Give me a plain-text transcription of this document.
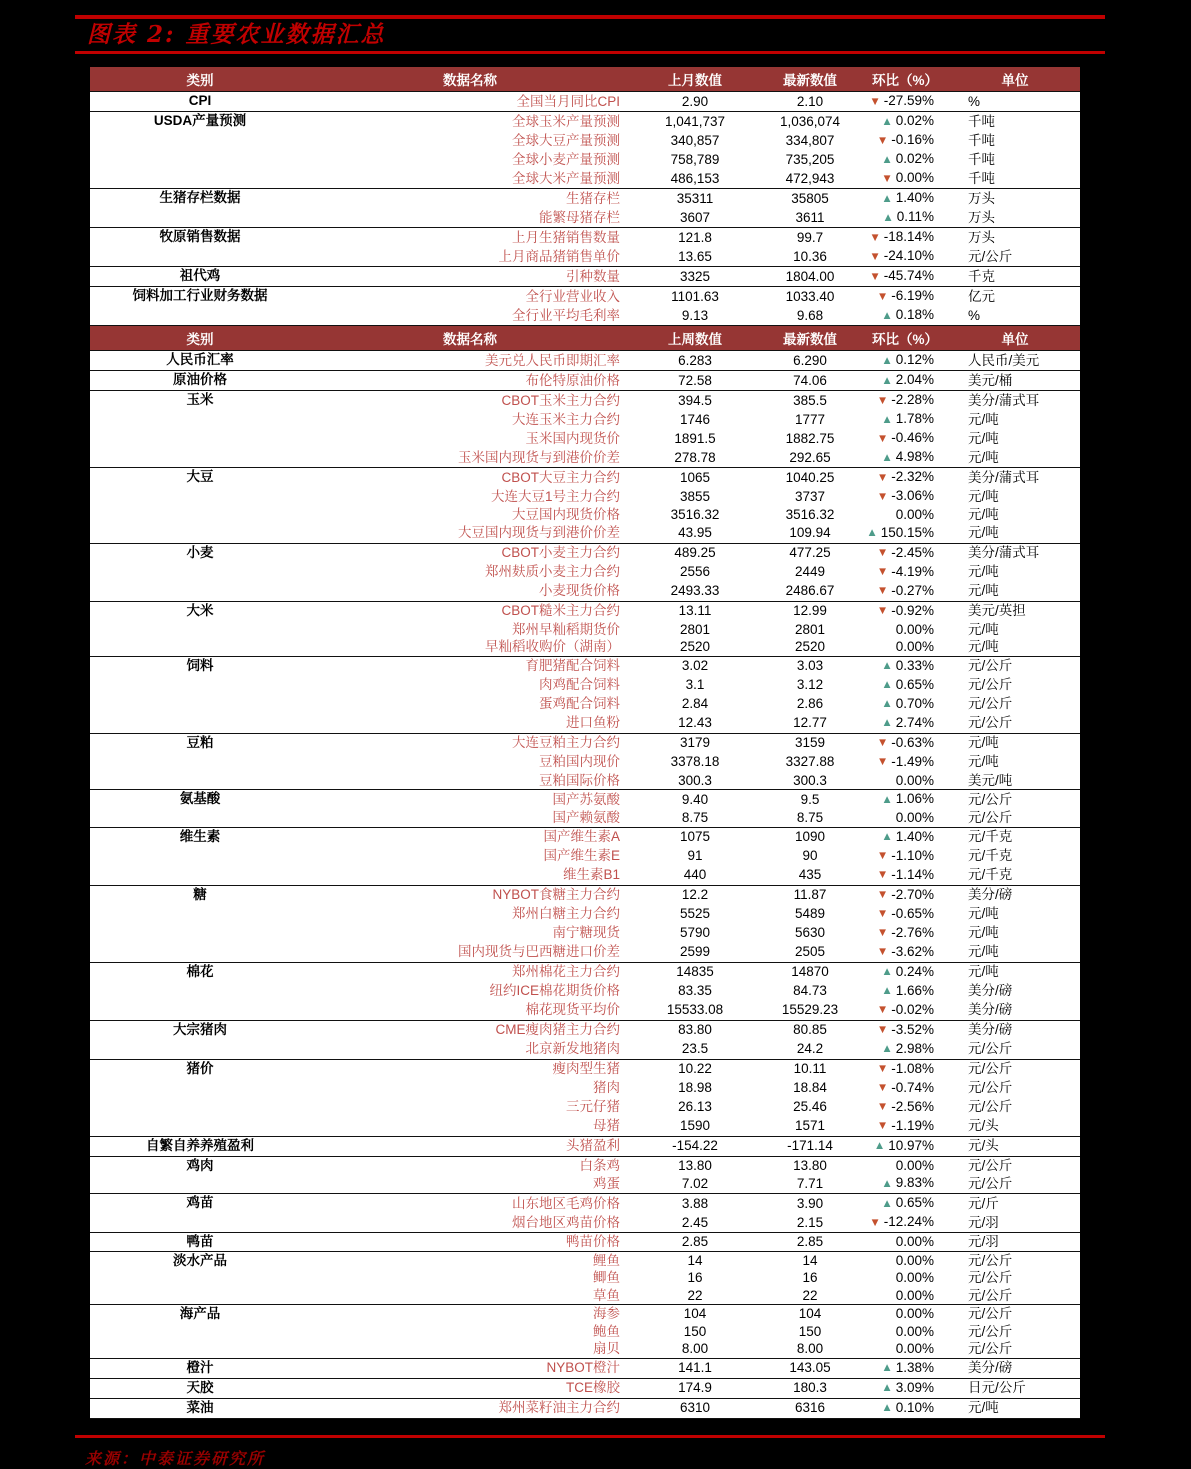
图表 2: 重要农业数据汇总
类别	数据名称	上月数值	最新数值	环比（%）	单位
CPI	全国当月同比CPI	2.90	2.10	▼ -27.59%	%
USDA产量预测	全球玉米产量预测	1,041,737	1,036,074	▲ 0.02%	千吨
	全球大豆产量预测	340,857	334,807	▼ -0.16%	千吨
	全球小麦产量预测	758,789	735,205	▲ 0.02%	千吨
	全球大米产量预测	486,153	472,943	▼ 0.00%	千吨
生猪存栏数据	生猪存栏	35311	35805	▲ 1.40%	万头
	能繁母猪存栏	3607	3611	▲ 0.11%	万头
牧原销售数据	上月生猪销售数量	121.8	99.7	▼ -18.14%	万头
	上月商品猪销售单价	13.65	10.36	▼ -24.10%	元/公斤
祖代鸡	引种数量	3325	1804.00	▼ -45.74%	千克
饲料加工行业财务数据	全行业营业收入	1101.63	1033.40	▼ -6.19%	亿元
	全行业平均毛利率	9.13	9.68	▲ 0.18%	%
类别	数据名称	上周数值	最新数值	环比（%）	单位
人民币汇率	美元兑人民币即期汇率	6.283	6.290	▲ 0.12%	人民币/美元
原油价格	布伦特原油价格	72.58	74.06	▲ 2.04%	美元/桶
玉米	CBOT玉米主力合约	394.5	385.5	▼ -2.28%	美分/蒲式耳
	大连玉米主力合约	1746	1777	▲ 1.78%	元/吨
	玉米国内现货价	1891.5	1882.75	▼ -0.46%	元/吨
	玉米国内现货与到港价价差	278.78	292.65	▲ 4.98%	元/吨
大豆	CBOT大豆主力合约	1065	1040.25	▼ -2.32%	美分/蒲式耳
	大连大豆1号主力合约	3855	3737	▼ -3.06%	元/吨
	大豆国内现货价格	3516.32	3516.32	0.00%	元/吨
	大豆国内现货与到港价价差	43.95	109.94	▲ 150.15%	元/吨
小麦	CBOT小麦主力合约	489.25	477.25	▼ -2.45%	美分/蒲式耳
	郑州麸质小麦主力合约	2556	2449	▼ -4.19%	元/吨
	小麦现货价格	2493.33	2486.67	▼ -0.27%	元/吨
大米	CBOT糙米主力合约	13.11	12.99	▼ -0.92%	美元/英担
	郑州早籼稻期货价	2801	2801	0.00%	元/吨
	早籼稻收购价（湖南）	2520	2520	0.00%	元/吨
饲料	育肥猪配合饲料	3.02	3.03	▲ 0.33%	元/公斤
	肉鸡配合饲料	3.1	3.12	▲ 0.65%	元/公斤
	蛋鸡配合饲料	2.84	2.86	▲ 0.70%	元/公斤
	进口鱼粉	12.43	12.77	▲ 2.74%	元/公斤
豆粕	大连豆粕主力合约	3179	3159	▼ -0.63%	元/吨
	豆粕国内现价	3378.18	3327.88	▼ -1.49%	元/吨
	豆粕国际价格	300.3	300.3	0.00%	美元/吨
氨基酸	国产苏氨酸	9.40	9.5	▲ 1.06%	元/公斤
	国产赖氨酸	8.75	8.75	0.00%	元/公斤
维生素	国产维生素A	1075	1090	▲ 1.40%	元/千克
	国产维生素E	91	90	▼ -1.10%	元/千克
	维生素B1	440	435	▼ -1.14%	元/千克
糖	NYBOT食糖主力合约	12.2	11.87	▼ -2.70%	美分/磅
	郑州白糖主力合约	5525	5489	▼ -0.65%	元/吨
	南宁糖现货	5790	5630	▼ -2.76%	元/吨
	国内现货与巴西糖进口价差	2599	2505	▼ -3.62%	元/吨
棉花	郑州棉花主力合约	14835	14870	▲ 0.24%	元/吨
	纽约ICE棉花期货价格	83.35	84.73	▲ 1.66%	美分/磅
	棉花现货平均价	15533.08	15529.23	▼ -0.02%	美分/磅
大宗猪肉	CME瘦肉猪主力合约	83.80	80.85	▼ -3.52%	美分/磅
	北京新发地猪肉	23.5	24.2	▲ 2.98%	元/公斤
猪价	瘦肉型生猪	10.22	10.11	▼ -1.08%	元/公斤
	猪肉	18.98	18.84	▼ -0.74%	元/公斤
	三元仔猪	26.13	25.46	▼ -2.56%	元/公斤
	母猪	1590	1571	▼ -1.19%	元/头
自繁自养养殖盈利	头猪盈利	-154.22	-171.14	▲ 10.97%	元/头
鸡肉	白条鸡	13.80	13.80	0.00%	元/公斤
	鸡蛋	7.02	7.71	▲ 9.83%	元/公斤
鸡苗	山东地区毛鸡价格	3.88	3.90	▲ 0.65%	元/斤
	烟台地区鸡苗价格	2.45	2.15	▼ -12.24%	元/羽
鸭苗	鸭苗价格	2.85	2.85	0.00%	元/羽
淡水产品	鲤鱼	14	14	0.00%	元/公斤
	鲫鱼	16	16	0.00%	元/公斤
	草鱼	22	22	0.00%	元/公斤
海产品	海参	104	104	0.00%	元/公斤
	鲍鱼	150	150	0.00%	元/公斤
	扇贝	8.00	8.00	0.00%	元/公斤
橙汁	NYBOT橙汁	141.1	143.05	▲ 1.38%	美分/磅
天胶	TCE橡胶	174.9	180.3	▲ 3.09%	日元/公斤
菜油	郑州菜籽油主力合约	6310	6316	▲ 0.10%	元/吨
来源：中泰证券研究所
